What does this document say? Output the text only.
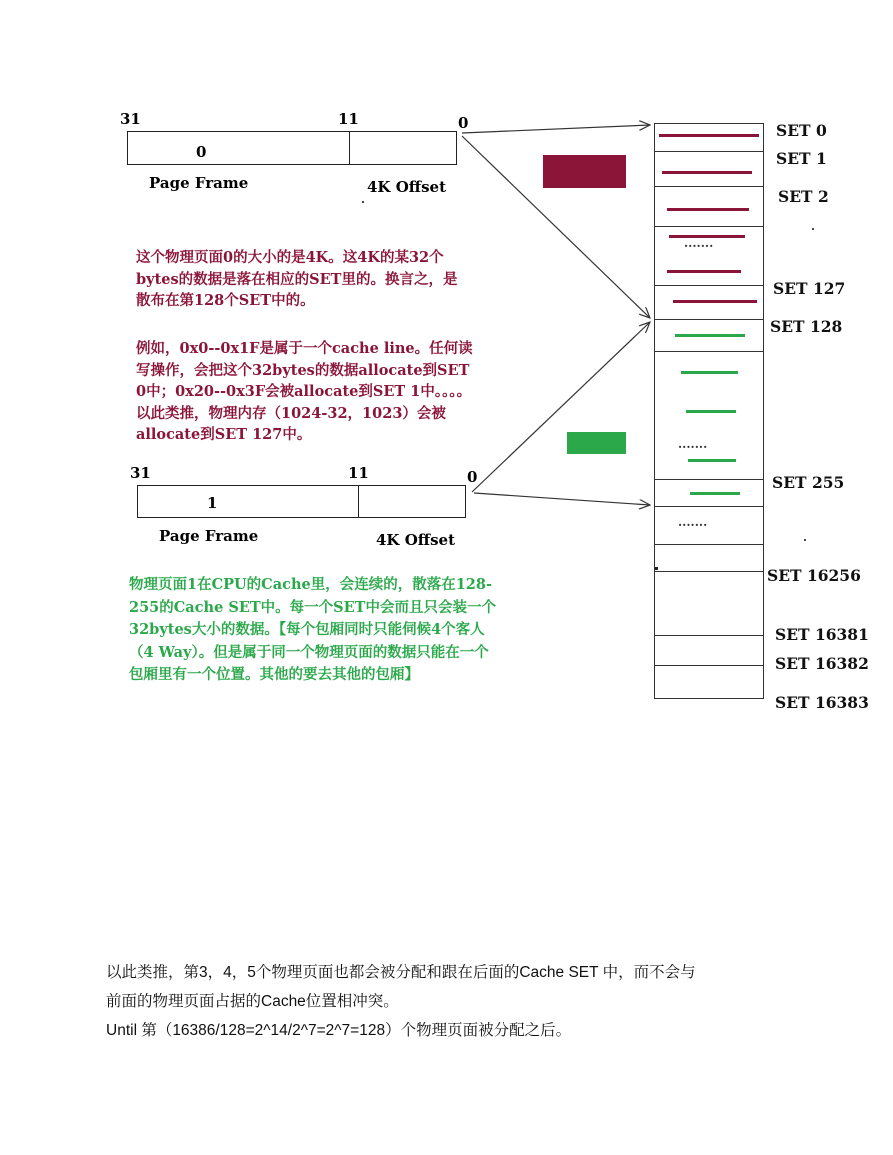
31	11	0
0
Page Frame	4K Offset
这个物理页面0的大小的是4K。这4K的某32个
bytes的数据是落在相应的SET里的。换言之，是
散布在第128个SET中的。
例如，0x0--0x1F是属于一个cache line。任何读
写操作，会把这个32bytes的数据allocate到SET
0中；0x20--0x3F会被allocate到SET 1中。。。。
以此类推，物理内存（1024-32，1023）会被
allocate到SET 127中。
31	11	0
1
Page Frame	4K Offset
物理页面1在CPU的Cache里，会连续的，散落在128-
255的Cache SET中。每一个SET中会而且只会装一个
32bytes大小的数据。【每个包厢同时只能伺候4个客人
（4 Way）。但是属于同一个物理页面的数据只能在一个
包厢里有一个位置。其他的要去其他的包厢】
·······
·······
·······
SET 0
SET 1
SET 2
SET 127
SET 128
SET 255
SET 16256
SET 16381
SET 16382
SET 16383
以此类推，第3，4，5个物理页面也都会被分配和跟在后面的Cache SET 中，而不会与
前面的物理页面占据的Cache位置相冲突。
Until 第（16386/128=2^14/2^7=2^7=128）个物理页面被分配之后。
